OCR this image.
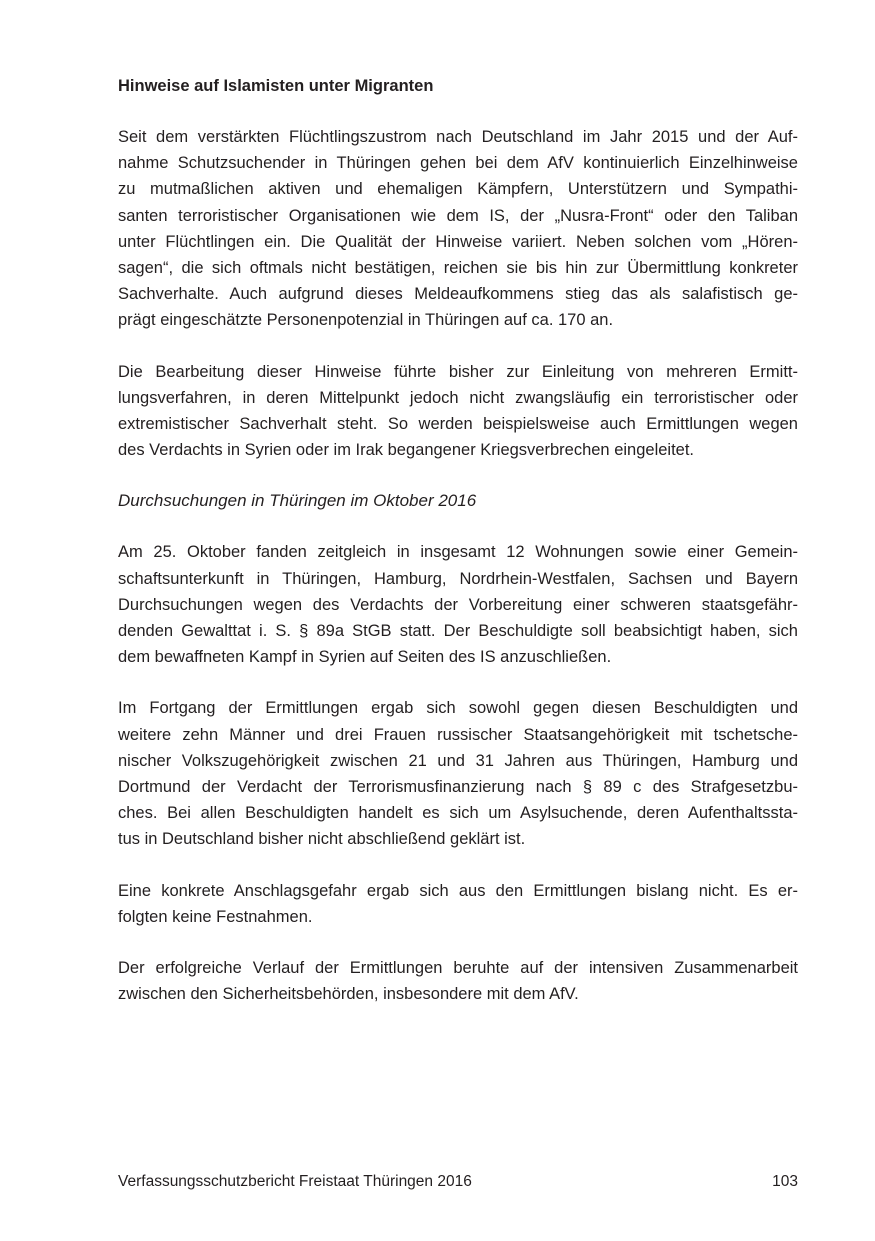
Hinweise auf Islamisten unter Migranten
Seit dem verstärkten Flüchtlingszustrom nach Deutschland im Jahr 2015 und der Auf-
nahme Schutzsuchender in Thüringen gehen bei dem AfV kontinuierlich Einzelhinweise
zu mutmaßlichen aktiven und ehemaligen Kämpfern, Unterstützern und Sympathi-
santen terroristischer Organisationen wie dem IS, der „Nusra-Front“ oder den Taliban
unter Flüchtlingen ein. Die Qualität der Hinweise variiert. Neben solchen vom „Hören-
sagen“, die sich oftmals nicht bestätigen, reichen sie bis hin zur Übermittlung konkreter
Sachverhalte. Auch aufgrund dieses Meldeaufkommens stieg das als salafistisch ge-
prägt eingeschätzte Personenpotenzial in Thüringen auf ca. 170 an.
Die Bearbeitung dieser Hinweise führte bisher zur Einleitung von mehreren Ermitt-
lungsverfahren, in deren Mittelpunkt jedoch nicht zwangsläufig ein terroristischer oder
extremistischer Sachverhalt steht. So werden beispielsweise auch Ermittlungen wegen
des Verdachts in Syrien oder im Irak begangener Kriegsverbrechen eingeleitet.
Durchsuchungen in Thüringen im Oktober 2016
Am 25. Oktober fanden zeitgleich in insgesamt 12 Wohnungen sowie einer Gemein-
schaftsunterkunft in Thüringen, Hamburg, Nordrhein-Westfalen, Sachsen und Bayern
Durchsuchungen wegen des Verdachts der Vorbereitung einer schweren staatsgefähr-
denden Gewalttat i. S. § 89a StGB statt. Der Beschuldigte soll beabsichtigt haben, sich
dem bewaffneten Kampf in Syrien auf Seiten des IS anzuschließen.
Im Fortgang der Ermittlungen ergab sich sowohl gegen diesen Beschuldigten und
weitere zehn Männer und drei Frauen russischer Staatsangehörigkeit mit tschetsche-
nischer Volkszugehörigkeit zwischen 21 und 31 Jahren aus Thüringen, Hamburg und
Dortmund der Verdacht der Terrorismusfinanzierung nach § 89 c des Strafgesetzbu-
ches. Bei allen Beschuldigten handelt es sich um Asylsuchende, deren Aufenthaltssta-
tus in Deutschland bisher nicht abschließend geklärt ist.
Eine konkrete Anschlagsgefahr ergab sich aus den Ermittlungen bislang nicht. Es er-
folgten keine Festnahmen.
Der erfolgreiche Verlauf der Ermittlungen beruhte auf der intensiven Zusammenarbeit
zwischen den Sicherheitsbehörden, insbesondere mit dem AfV.
Verfassungsschutzbericht Freistaat Thüringen 2016	103
